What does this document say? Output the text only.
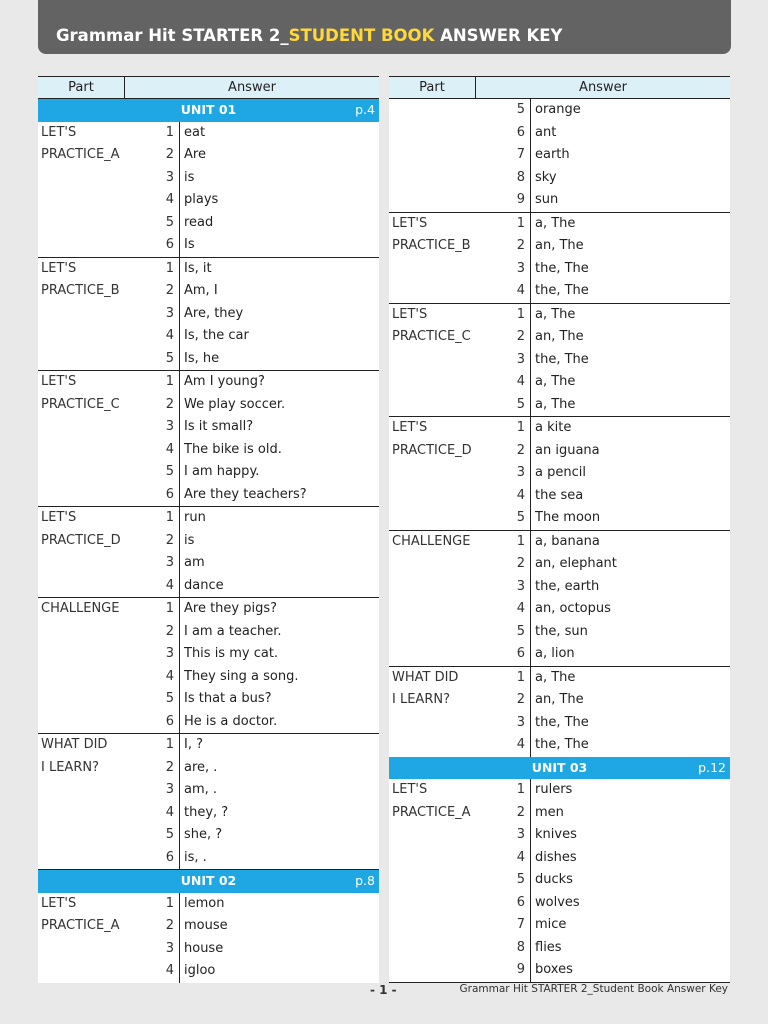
Grammar Hit STARTER 2_STUDENT BOOK ANSWER KEY
Part	Answer
UNIT 01	p.4
LET'S
PRACTICE_A
1 eat
2 Are
3 is
4 plays
5 read
6 Is
LET'S
PRACTICE_B
1 Is, it
2 Am, I
3 Are, they
4 Is, the car
5 Is, he
LET'S
PRACTICE_C
1 Am I young?
2 We play soccer.
3 Is it small?
4 The bike is old.
5 I am happy.
6 Are they teachers?
LET'S
PRACTICE_D
1 run
2 is
3 am
4 dance
CHALLENGE	1 Are they pigs?
2 I am a teacher.
3 This is my cat.
4 They sing a song.
5 Is that a bus?
6 He is a doctor.
WHAT DID
I LEARN?
1 I, ?
2 are, .
3 am, .
4 they, ?
5 she, ?
6 is, .
UNIT 02	p.8
LET'S
PRACTICE_A
1 lemon
2 mouse
3 house
4 igloo
Part	Answer
5 orange
6 ant
7 earth
8 sky
9 sun
LET'S
PRACTICE_B
1 a, The
2 an, The
3 the, The
4 the, The
LET'S
PRACTICE_C
1 a, The
2 an, The
3 the, The
4 a, The
5 a, The
LET'S
PRACTICE_D
1 a kite
2 an iguana
3 a pencil
4 the sea
5 The moon
CHALLENGE	1 a, banana
2 an, elephant
3 the, earth
4 an, octopus
5 the, sun
6 a, lion
WHAT DID
I LEARN?
1 a, The
2 an, The
3 the, The
4 the, The
UNIT 03	p.12
LET'S
PRACTICE_A
1 rulers
2 men
3 knives
4 dishes
5 ducks
6 wolves
7 mice
8 flies
9 boxes
- 1 -	Grammar Hit STARTER 2_Student Book Answer Key
